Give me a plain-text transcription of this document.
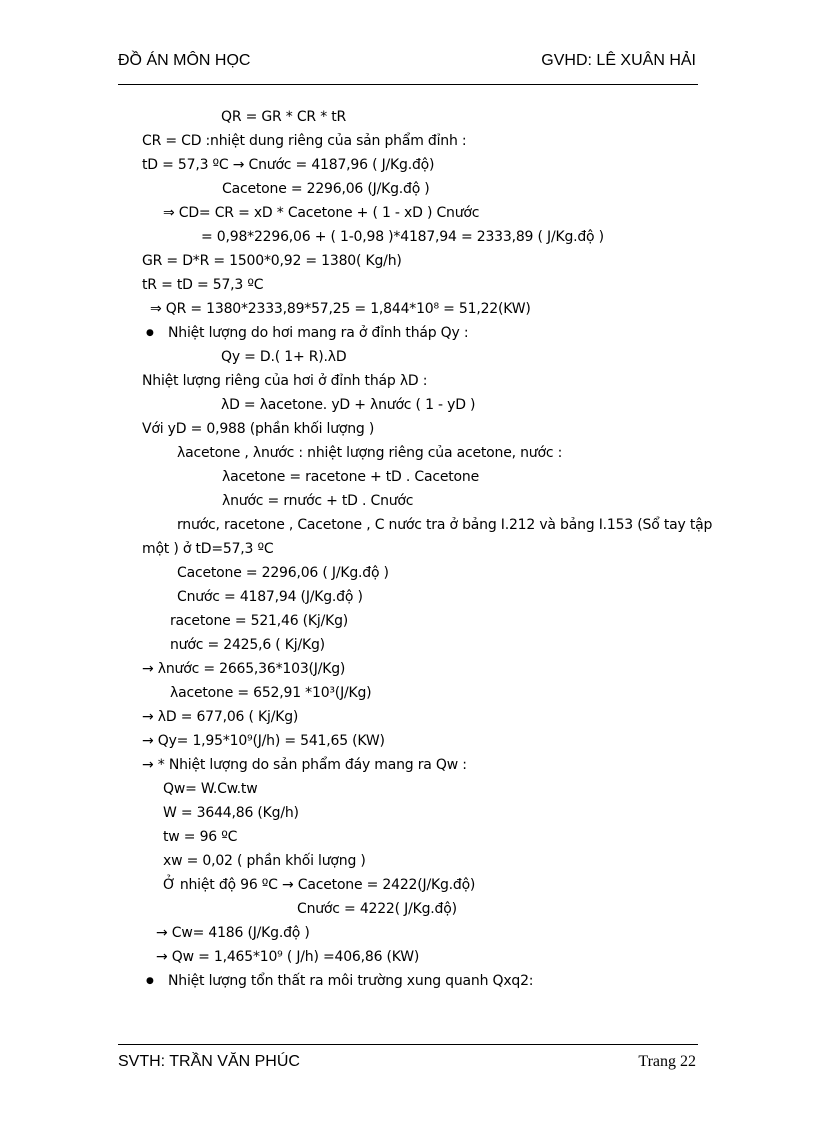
ĐỒ ÁN MÔN HỌC	GVHD: LÊ XUÂN HẢI
QR = GR * CR * tR
CR = CD :nhiệt dung riêng của sản phẩm đỉnh :
tD = 57,3 ºC → Cnước = 4187,96 ( J/Kg.độ)
Cacetone = 2296,06 (J/Kg.độ )
⇒ CD= CR = xD * Cacetone + ( 1 - xD ) Cnước
= 0,98*2296,06 + ( 1-0,98 )*4187,94 = 2333,89 ( J/Kg.độ )
GR = D*R = 1500*0,92 = 1380( Kg/h)
tR = tD = 57,3 ºC
⇒ QR = 1380*2333,89*57,25 = 1,844*10⁸ = 51,22(KW)
● Nhiệt lượng do hơi mang ra ở đỉnh tháp Qy :
Qy = D.( 1+ R).λD
Nhiệt lượng riêng của hơi ở đỉnh tháp λD :
λD = λacetone. yD + λnước ( 1 - yD )
Với yD = 0,988 (phần khối lượng )
λacetone , λnước : nhiệt lượng riêng của acetone, nước :
λacetone = racetone + tD . Cacetone
λnước = rnước + tD . Cnước
rnước, racetone , Cacetone , C nước tra ở bảng I.212 và bảng I.153 (Sổ tay tập
một ) ở tD=57,3 ºC
Cacetone = 2296,06 ( J/Kg.độ )
Cnước = 4187,94 (J/Kg.độ )
racetone = 521,46 (Kj/Kg)
nước = 2425,6 ( Kj/Kg)
→ λnước = 2665,36*103(J/Kg)
λacetone = 652,91 *10³(J/Kg)
→ λD = 677,06 ( Kj/Kg)
→ Qy= 1,95*10⁹(J/h) = 541,65 (KW)
→ * Nhiệt lượng do sản phẩm đáy mang ra Qw :
Qw= W.Cw.tw
W = 3644,86 (Kg/h)
tw = 96 ºC
xw = 0,02 ( phần khối lượng )
Ở nhiệt độ 96 ºC → Cacetone = 2422(J/Kg.độ)
Cnước = 4222( J/Kg.độ)
→ Cw= 4186 (J/Kg.độ )
→ Qw = 1,465*10⁹ ( J/h) =406,86 (KW)
● Nhiệt lượng tổn thất ra môi trường xung quanh Qxq2:
SVTH: TRẦN VĂN PHÚC	Trang 22
